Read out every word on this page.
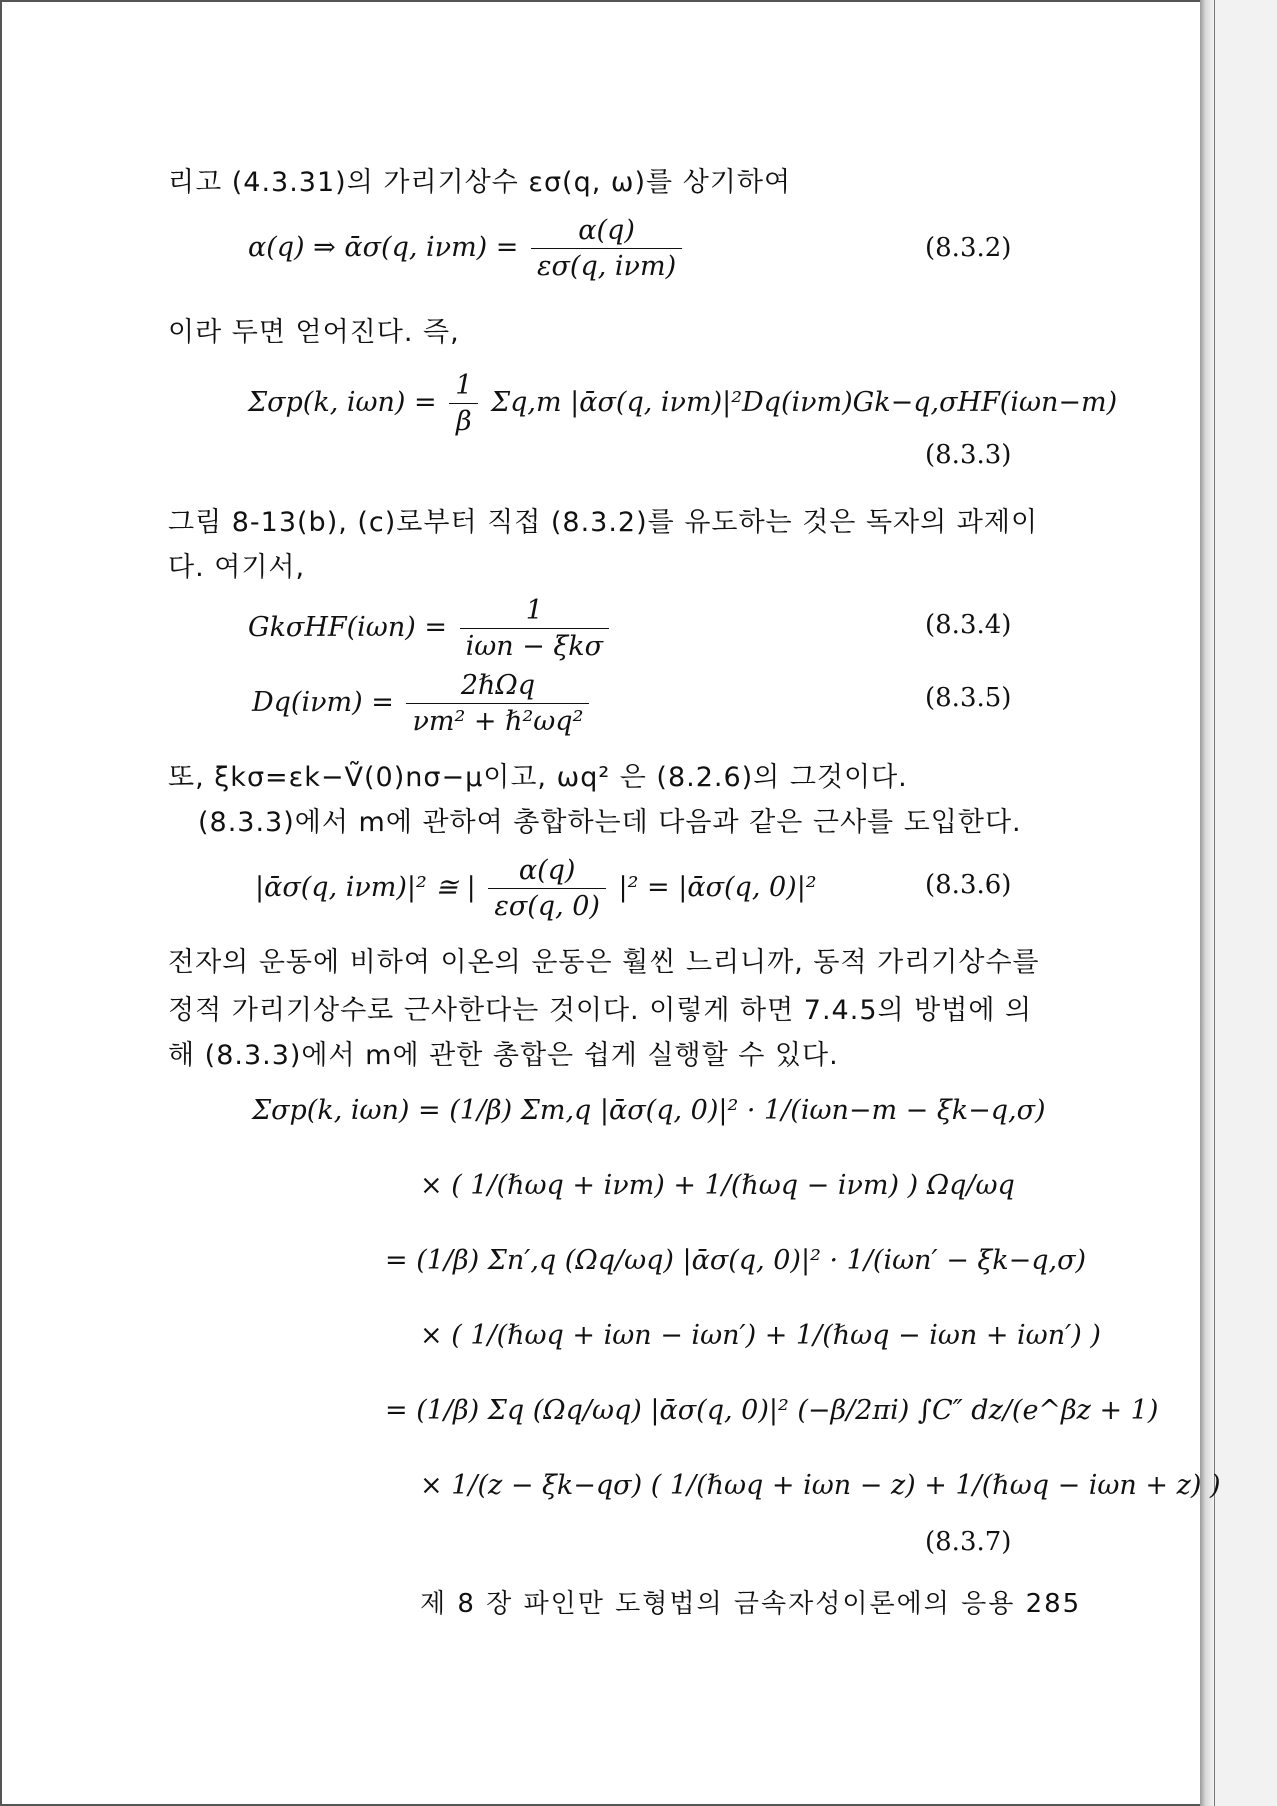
리고 (4.3.31)의 가리기상수 εσ(q, ω)를 상기하여
α(q) ⇒ ᾱσ(q, $i\nu m) = \frac{\alpha(q)}{\text{εσ(q, iνm)}}$	(8.3.2)
이라 두면 얻어진다. 즉,
Σσp(k, $i\omega n) = \frac{1}{\beta} \Sigma q,m$ |ᾱσ(q, iνm)|²Dq(iνm)Gk−q,σHF(iωn−m)
(8.3.3)
그림 8-13(b), (c)로부터 직접 (8.3.2)를 유도하는 것은 독자의 과제이
다. 여기서,
$Gk\sigma HF(i\omega n) = \frac{1}{\text{iωn − ξkσ}}$	(8.3.4)
$Dq(i\nu m) = \frac{\text{2ℏΩq}}{\text{νm² + ℏ²ωq²}}$	(8.3.5)
또, ξkσ=εk−Ṽ(0)nσ−μ이고, ωq² 은 (8.2.6)의 그것이다.
(8.3.3)에서 m에 관하여 총합하는데 다음과 같은 근사를 도입한다.
|ᾱσ(q, iνm)|² ≅ | $\frac{\alpha(q)}{\varepsilon\sigma(q, 0)} |^2$ = |ᾱσ(q, 0)|²	(8.3.6)
전자의 운동에 비하여 이온의 운동은 훨씬 느리니까, 동적 가리기상수를
정적 가리기상수로 근사한다는 것이다. 이렇게 하면 7.4.5의 방법에 의
해 (8.3.3)에서 m에 관한 총합은 쉽게 실행할 수 있다.
Σσp(k, iωn) = (1/β) Σm,q |ᾱσ(q, 0)|² · 1/(iωn−m − ξk−q,σ)
× ( 1/(ℏωq + iνm) + 1/(ℏωq − iνm) ) Ωq/ωq
= (1/β) Σn′,q (Ωq/ωq) |ᾱσ(q, 0)|² · 1/(iωn′ − ξk−q,σ)
× ( 1/(ℏωq + iωn − iωn′) + 1/(ℏωq − iωn + iωn′) )
= (1/β) Σq (Ωq/ωq) |ᾱσ(q, 0)|² (−β/2πi) ∫C″ dz/(e^βz + 1)
× 1/(z − ξk−qσ) ( 1/(ℏωq + iωn − z) + 1/(ℏωq − iωn + z) )
(8.3.7)
제 8 장 파인만 도형법의 금속자성이론에의 응용 285
